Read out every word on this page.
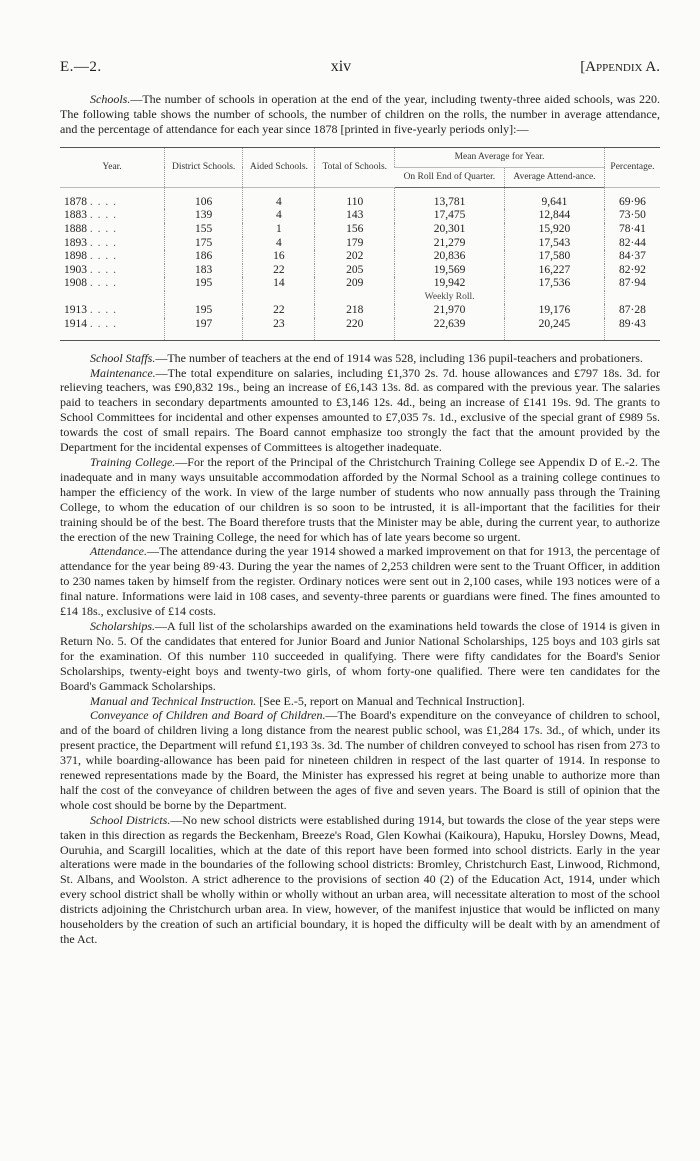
E.—2.	xiv	[Appendix A.

Schools.—The number of schools in operation at the end of the year, including twenty-three aided schools, was 220. The following table shows the number of schools, the number of children on the rolls, the number in average attendance, and the percentage of attendance for each year since 1878 [printed in five-yearly periods only]:—

Year.	District Schools.	Aided Schools.	Total of Schools.	Mean Average for Year.		Percentage.
				On Roll End of Quarter.	Average Attend-ance.	
1878 . . . .	106	4	110	13,781	9,641	69·96
1883 . . . .	139	4	143	17,475	12,844	73·50
1888 . . . .	155	1	156	20,301	15,920	78·41
1893 . . . .	175	4	179	21,279	17,543	82·44
1898 . . . .	186	16	202	20,836	17,580	84·37
1903 . . . .	183	22	205	19,569	16,227	82·92
1908 . . . .	195	14	209	19,942	17,536	87·94
				Weekly Roll.		
1913 . . . .	195	22	218	21,970	19,176	87·28
1914 . . . .	197	23	220	22,639	20,245	89·43

School Staffs.—The number of teachers at the end of 1914 was 528, including 136 pupil-teachers and probationers.

Maintenance.—The total expenditure on salaries, including £1,370 2s. 7d. house allowances and £797 18s. 3d. for relieving teachers, was £90,832 19s., being an increase of £6,143 13s. 8d. as compared with the previous year. The salaries paid to teachers in secondary departments amounted to £3,146 12s. 4d., being an increase of £141 19s. 9d. The grants to School Committees for incidental and other expenses amounted to £7,035 7s. 1d., exclusive of the special grant of £989 5s. towards the cost of small repairs. The Board cannot emphasize too strongly the fact that the amount provided by the Department for the incidental expenses of Committees is altogether inadequate.

Training College.—For the report of the Principal of the Christchurch Training College see Appendix D of E.-2. The inadequate and in many ways unsuitable accommodation afforded by the Normal School as a training college continues to hamper the efficiency of the work. In view of the large number of students who now annually pass through the Training College, to whom the education of our children is so soon to be intrusted, it is all-important that the facilities for their training should be of the best. The Board therefore trusts that the Minister may be able, during the current year, to authorize the erection of the new Training College, the need for which has of late years become so urgent.

Attendance.—The attendance during the year 1914 showed a marked improvement on that for 1913, the percentage of attendance for the year being 89·43. During the year the names of 2,253 children were sent to the Truant Officer, in addition to 230 names taken by himself from the register. Ordinary notices were sent out in 2,100 cases, while 193 notices were of a final nature. Informations were laid in 108 cases, and seventy-three parents or guardians were fined. The fines amounted to £14 18s., exclusive of £14 costs.

Scholarships.—A full list of the scholarships awarded on the examinations held towards the close of 1914 is given in Return No. 5. Of the candidates that entered for Junior Board and Junior National Scholarships, 125 boys and 103 girls sat for the examination. Of this number 110 succeeded in qualifying. There were fifty candidates for the Board's Senior Scholarships, twenty-eight boys and twenty-two girls, of whom forty-one qualified. There were ten candidates for the Board's Gammack Scholarships.

Manual and Technical Instruction. [See E.-5, report on Manual and Technical Instruction].

Conveyance of Children and Board of Children.—The Board's expenditure on the conveyance of children to school, and of the board of children living a long distance from the nearest public school, was £1,284 17s. 3d., of which, under its present practice, the Department will refund £1,193 3s. 3d. The number of children conveyed to school has risen from 273 to 371, while boarding-allowance has been paid for nineteen children in respect of the last quarter of 1914. In response to renewed representations made by the Board, the Minister has expressed his regret at being unable to authorize more than half the cost of the conveyance of children between the ages of five and seven years. The Board is still of opinion that the whole cost should be borne by the Department.

School Districts.—No new school districts were established during 1914, but towards the close of the year steps were taken in this direction as regards the Beckenham, Breeze's Road, Glen Kowhai (Kaikoura), Hapuku, Horsley Downs, Mead, Ouruhia, and Scargill localities, which at the date of this report have been formed into school districts. Early in the year alterations were made in the boundaries of the following school districts: Bromley, Christchurch East, Linwood, Richmond, St. Albans, and Woolston. A strict adherence to the provisions of section 40 (2) of the Education Act, 1914, under which every school district shall be wholly within or wholly without an urban area, will necessitate alteration to most of the school districts adjoining the Christchurch urban area. In view, however, of the manifest injustice that would be inflicted on many householders by the creation of such an artificial boundary, it is hoped the difficulty will be dealt with by an amendment of the Act.
